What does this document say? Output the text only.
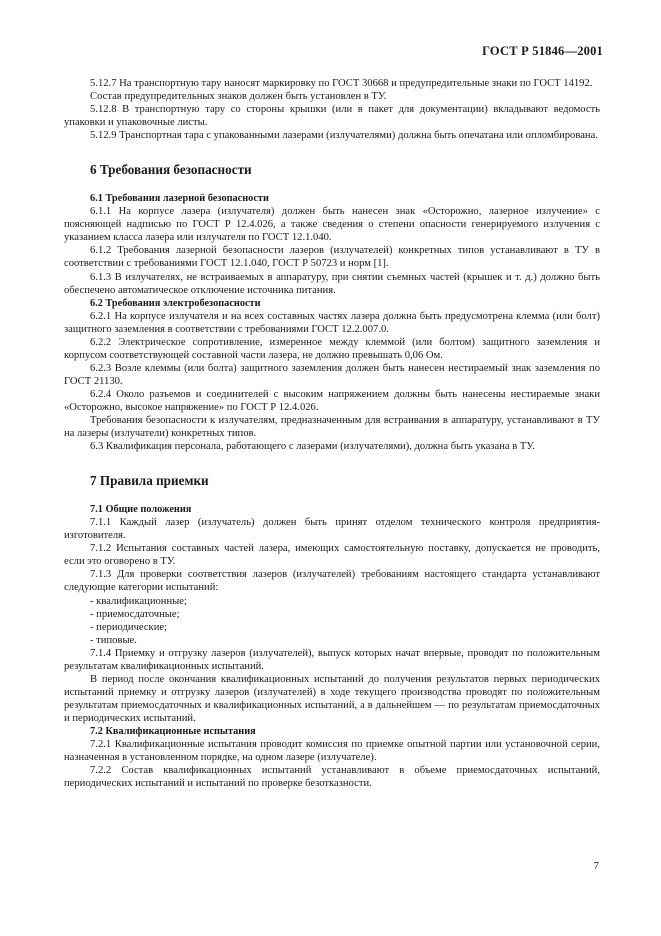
ГОСТ Р 51846—2001

5.12.7 На транспортную тару наносят маркировку по ГОСТ 30668 и предупредительные знаки по ГОСТ 14192.

Состав предупредительных знаков должен быть установлен в ТУ.

5.12.8 В транспортную тару со стороны крышки (или в пакет для документации) вкладывают ведомость упаковки и упаковочные листы.

5.12.9 Транспортная тара с упакованными лазерами (излучателями) должна быть опечатана или опломбирована.

6 Требования безопасности
6.1 Требования лазерной безопасности

6.1.1 На корпусе лазера (излучателя) должен быть нанесен знак «Осторожно, лазерное излучение» с поясняющей надписью по ГОСТ Р 12.4.026, а также сведения о степени опасности генерируемого излучения с указанием класса лазера или излучателя по ГОСТ 12.1.040.

6.1.2 Требования лазерной безопасности лазеров (излучателей) конкретных типов устанавливают в ТУ в соответствии с требованиями ГОСТ 12.1.040, ГОСТ Р 50723 и норм [1].

6.1.3 В излучателях, не встраиваемых в аппаратуру, при снятии съемных частей (крышек и т. д.) должно быть обеспечено автоматическое отключение источника питания.

6.2 Требования электробезопасности

6.2.1 На корпусе излучателя и на всех составных частях лазера должна быть предусмотрена клемма (или болт) защитного заземления в соответствии с требованиями ГОСТ 12.2.007.0.

6.2.2 Электрическое сопротивление, измеренное между клеммой (или болтом) защитного заземления и корпусом соответствующей составной части лазера, не должно превышать 0,06 Ом.

6.2.3 Возле клеммы (или болта) защитного заземления должен быть нанесен нестираемый знак заземления по ГОСТ 21130.

6.2.4 Около разъемов и соединителей с высоким напряжением должны быть нанесены нестираемые знаки «Осторожно, высокое напряжение» по ГОСТ Р 12.4.026.

Требования безопасности к излучателям, предназначенным для встраивания в аппаратуру, устанавливают в ТУ на лазеры (излучатели) конкретных типов.

6.3 Квалификация персонала, работающего с лазерами (излучателями), должна быть указана в ТУ.

7 Правила приемки
7.1 Общие положения

7.1.1 Каждый лазер (излучатель) должен быть принят отделом технического контроля предприятия-изготовителя.

7.1.2 Испытания составных частей лазера, имеющих самостоятельную поставку, допускается не проводить, если это оговорено в ТУ.

7.1.3 Для проверки соответствия лазеров (излучателей) требованиям настоящего стандарта устанавливают следующие категории испытаний:

- квалификационные;

- приемосдаточные;

- периодические;

- типовые.

7.1.4 Приемку и отгрузку лазеров (излучателей), выпуск которых начат впервые, проводят по положительным результатам квалификационных испытаний.

В период после окончания квалификационных испытаний до получения результатов первых периодических испытаний приемку и отгрузку лазеров (излучателей) в ходе текущего производства проводят по положительным результатам приемосдаточных и квалификационных испытаний, а в дальнейшем — по результатам приемосдаточных и периодических испытаний.

7.2 Квалификационные испытания

7.2.1 Квалификационные испытания проводит комиссия по приемке опытной партии или установочной серии, назначенная в установленном порядке, на одном лазере (излучателе).

7.2.2 Состав квалификационных испытаний устанавливают в объеме приемосдаточных испытаний, периодических испытаний и испытаний по проверке безотказности.

7
